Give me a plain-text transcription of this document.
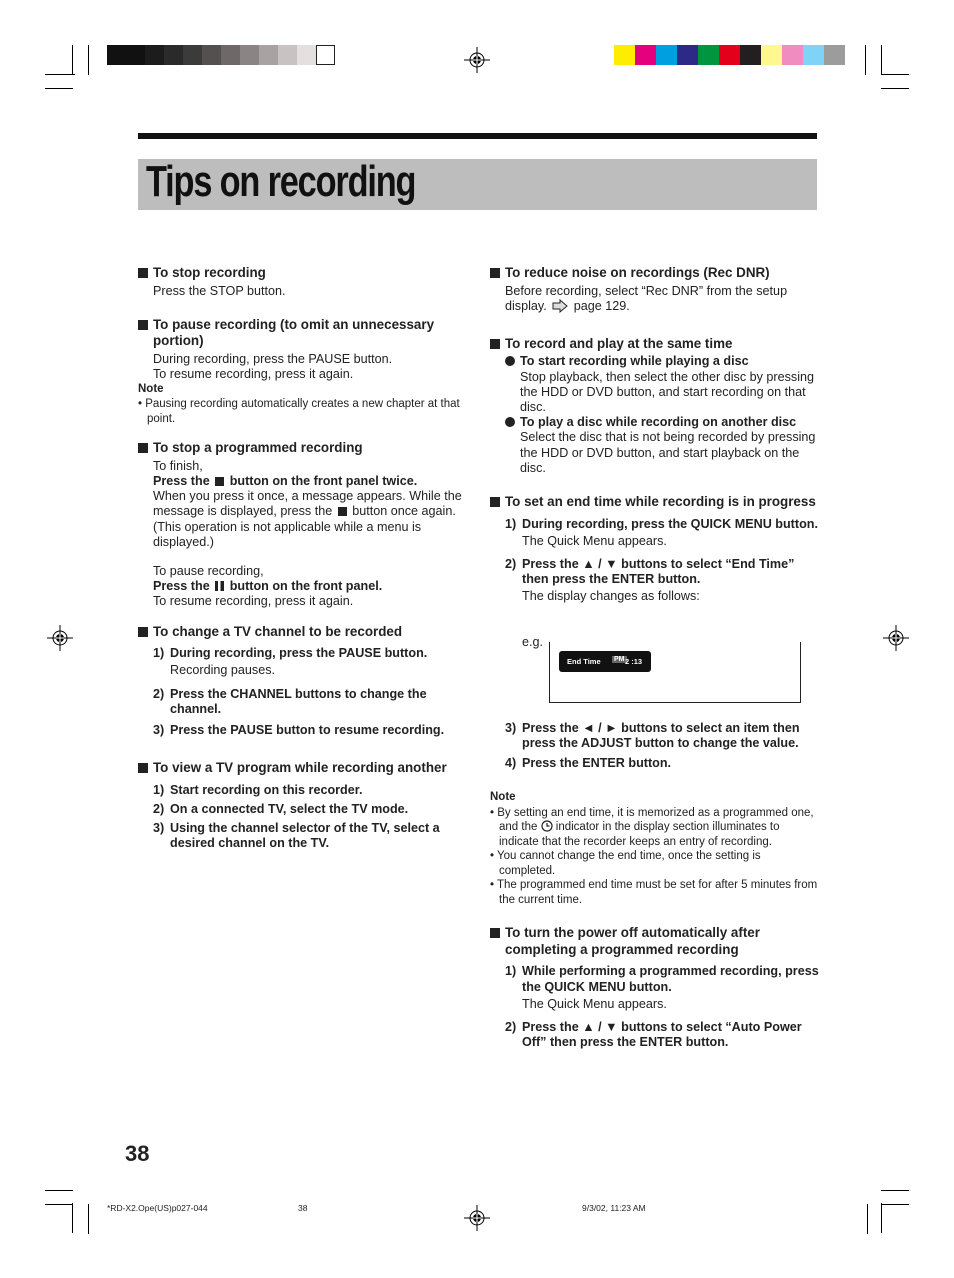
Tips on recording
To stop recording
Press the STOP button.
To pause recording (to omit an unnecessary
portion)
During recording, press the PAUSE button.
To resume recording, press it again.
Note
• Pausing recording automatically creates a new chapter at that point.
To stop a programmed recording
To finish,
Press the button on the front panel twice.
When you press it once, a message appears. While the message is displayed, press the button once again.
(This operation is not applicable while a menu is displayed.)
To pause recording,
Press the button on the front panel.
To resume recording, press it again.
To change a TV channel to be recorded
1) During recording, press the PAUSE button.
Recording pauses.
2) Press the CHANNEL buttons to change the channel.
3) Press the PAUSE button to resume recording.
To view a TV program while recording another
1) Start recording on this recorder.
2) On a connected TV, select the TV mode.
3) Using the channel selector of the TV, select a desired channel on the TV.
To reduce noise on recordings (Rec DNR)
Before recording, select “Rec DNR” from the setup
display. page 129.
To record and play at the same time
To start recording while playing a disc
Stop playback, then select the other disc by pressing the HDD or DVD button, and start recording on that disc.
To play a disc while recording on another disc
Select the disc that is not being recorded by pressing the HDD or DVD button, and start playback on the disc.
To set an end time while recording is in progress
1) During recording, press the QUICK MENU button.
The Quick Menu appears.
2) Press the ▲ / ▼ buttons to select “End Time” then press the ENTER button.
The display changes as follows:
e.g.
End Time PM 2 :13
3) Press the ◄ / ► buttons to select an item then press the ADJUST button to change the value.
4) Press the ENTER button.
Note
• By setting an end time, it is memorized as a programmed one, and the indicator in the display section illuminates to indicate that the recorder keeps an entry of recording.
• You cannot change the end time, once the setting is completed.
• The programmed end time must be set for after 5 minutes from the current time.
To turn the power off automatically after
completing a programmed recording
1) While performing a programmed recording, press the QUICK MENU button.
The Quick Menu appears.
2) Press the ▲ / ▼ buttons to select “Auto Power Off” then press the ENTER button.
38
*RD-X2.Ope(US)p027-044	38	9/3/02, 11:23 AM
